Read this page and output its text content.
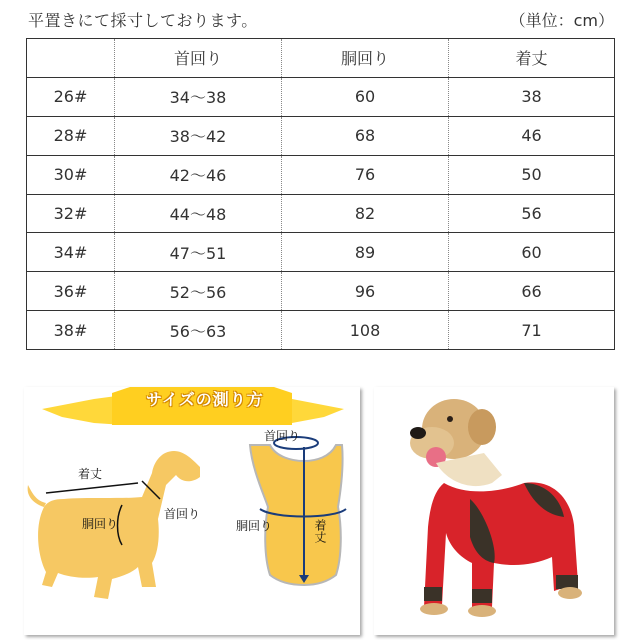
平置きにて採寸しております。	（単位：cm）
	首回り	胴回り	着丈
26#	34～38	60	38
28#	38～42	68	46
30#	42～46	76	50
32#	44～48	82	56
34#	47～51	89	60
36#	52～56	96	66
38#	56～63	108	71
サイズの測り方
着丈
胴回り
首回り
首回り
胴回り	着丈
